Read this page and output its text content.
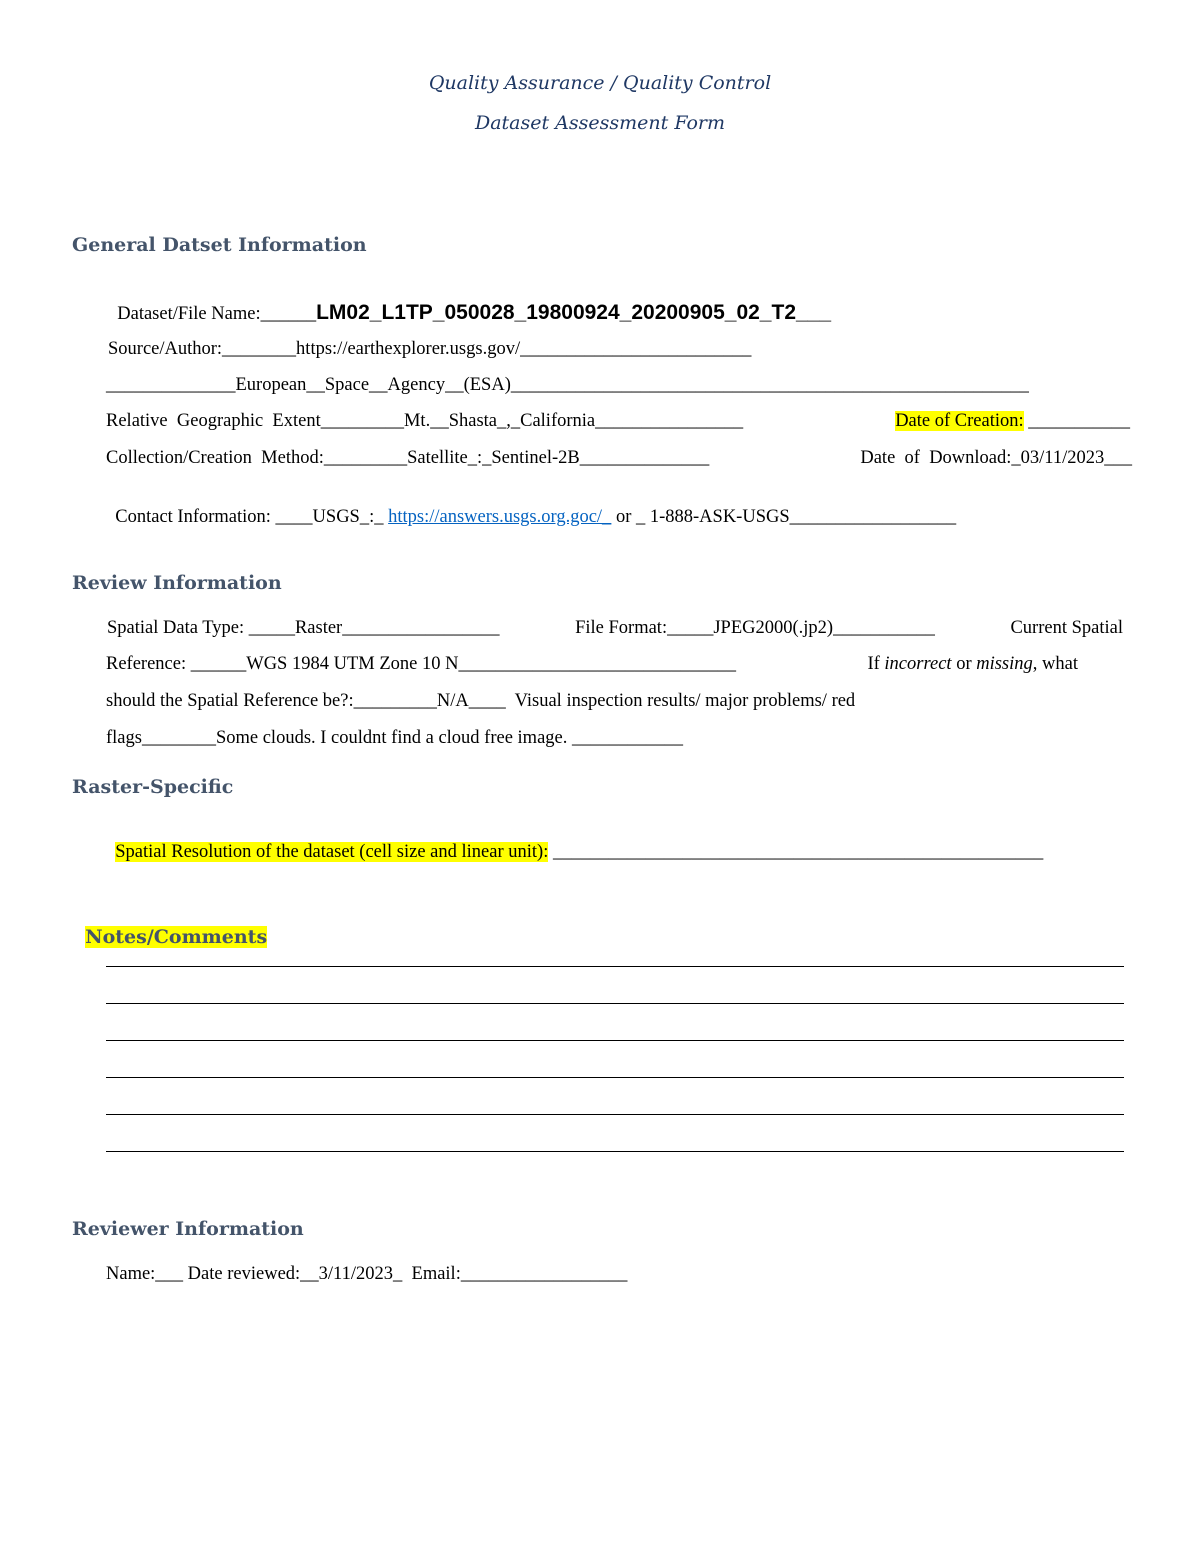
Quality Assurance / Quality Control
Dataset Assessment Form
General Datset Information

Dataset/File Name:______LM02_L1TP_050028_19800924_20200905_02_T2___

Source/Author:________https://earthexplorer.usgs.gov/_________________________
______________European__Space__Agency__(ESA)________________________________________________________
Relative  Geographic  Extent_________Mt.__Shasta_,_California________________	Date of Creation: ___________
Collection/Creation  Method:_________Satellite_:_Sentinel-2B______________	Date  of  Download:_03/11/2023___

Contact Information: ____USGS_:_ https://answers.usgs.org.goc/_ or _ 1-888-ASK-USGS__________________

Review Information
Spatial Data Type: _____Raster_________________	File Format:_____JPEG2000(.jp2)___________	Current Spatial
Reference: ______WGS 1984 UTM Zone 10 N______________________________	If incorrect or missing, what
should the Spatial Reference be?:_________N/A____  Visual inspection results/ major problems/ red
flags________Some clouds. I couldnt find a cloud free image. ____________
Raster-Specific

Spatial Resolution of the dataset (cell size and linear unit): _____________________________________________________

Notes/Comments

Reviewer Information
Name:___ Date reviewed:__3/11/2023_  Email:__________________
